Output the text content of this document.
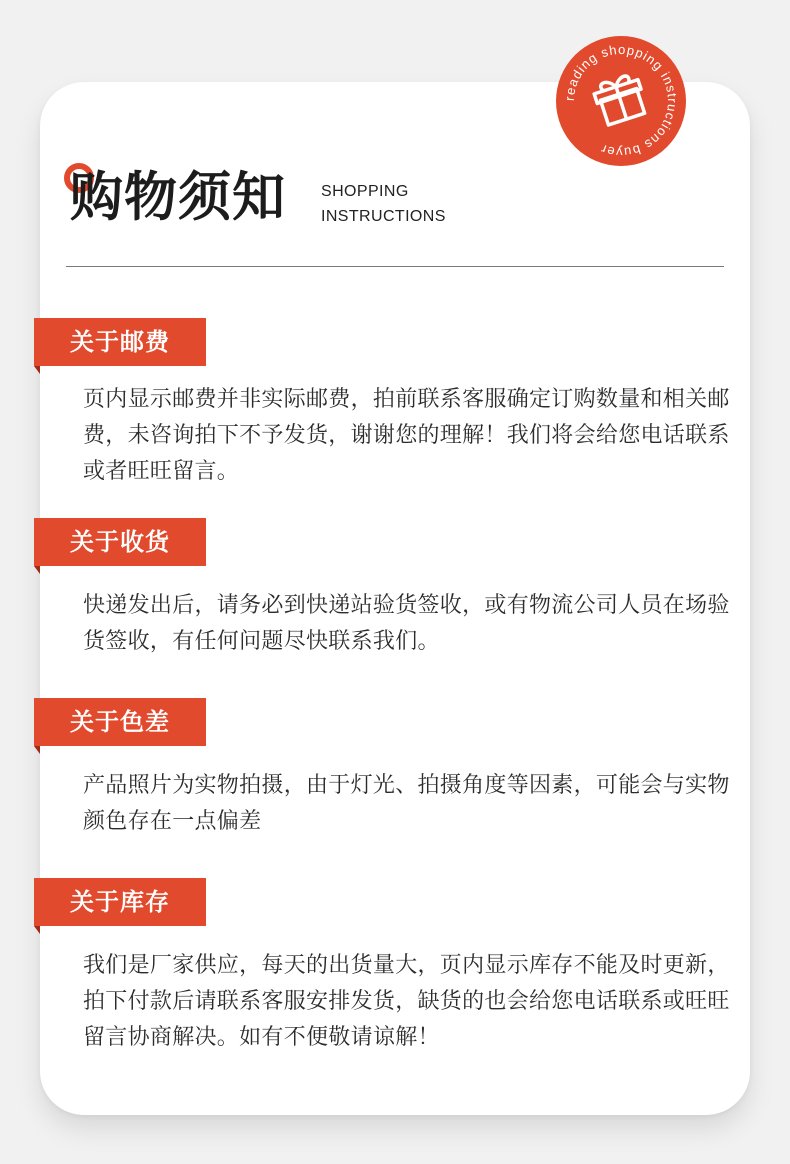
reading shopping instructions buyer
购物须知 SHOPPING
INSTRUCTIONS
关于邮费

页内显示邮费并非实际邮费，拍前联系客服确定订购数量和相关邮费，未咨询拍下不予发货，谢谢您的理解！我们将会给您电话联系或者旺旺留言。

关于收货

快递发出后，请务必到快递站验货签收，或有物流公司人员在场验货签收，有任何问题尽快联系我们。

关于色差

产品照片为实物拍摄，由于灯光、拍摄角度等因素，可能会与实物颜色存在一点偏差

关于库存

我们是厂家供应，每天的出货量大，页内显示库存不能及时更新，拍下付款后请联系客服安排发货，缺货的也会给您电话联系或旺旺留言协商解决。如有不便敬请谅解！
